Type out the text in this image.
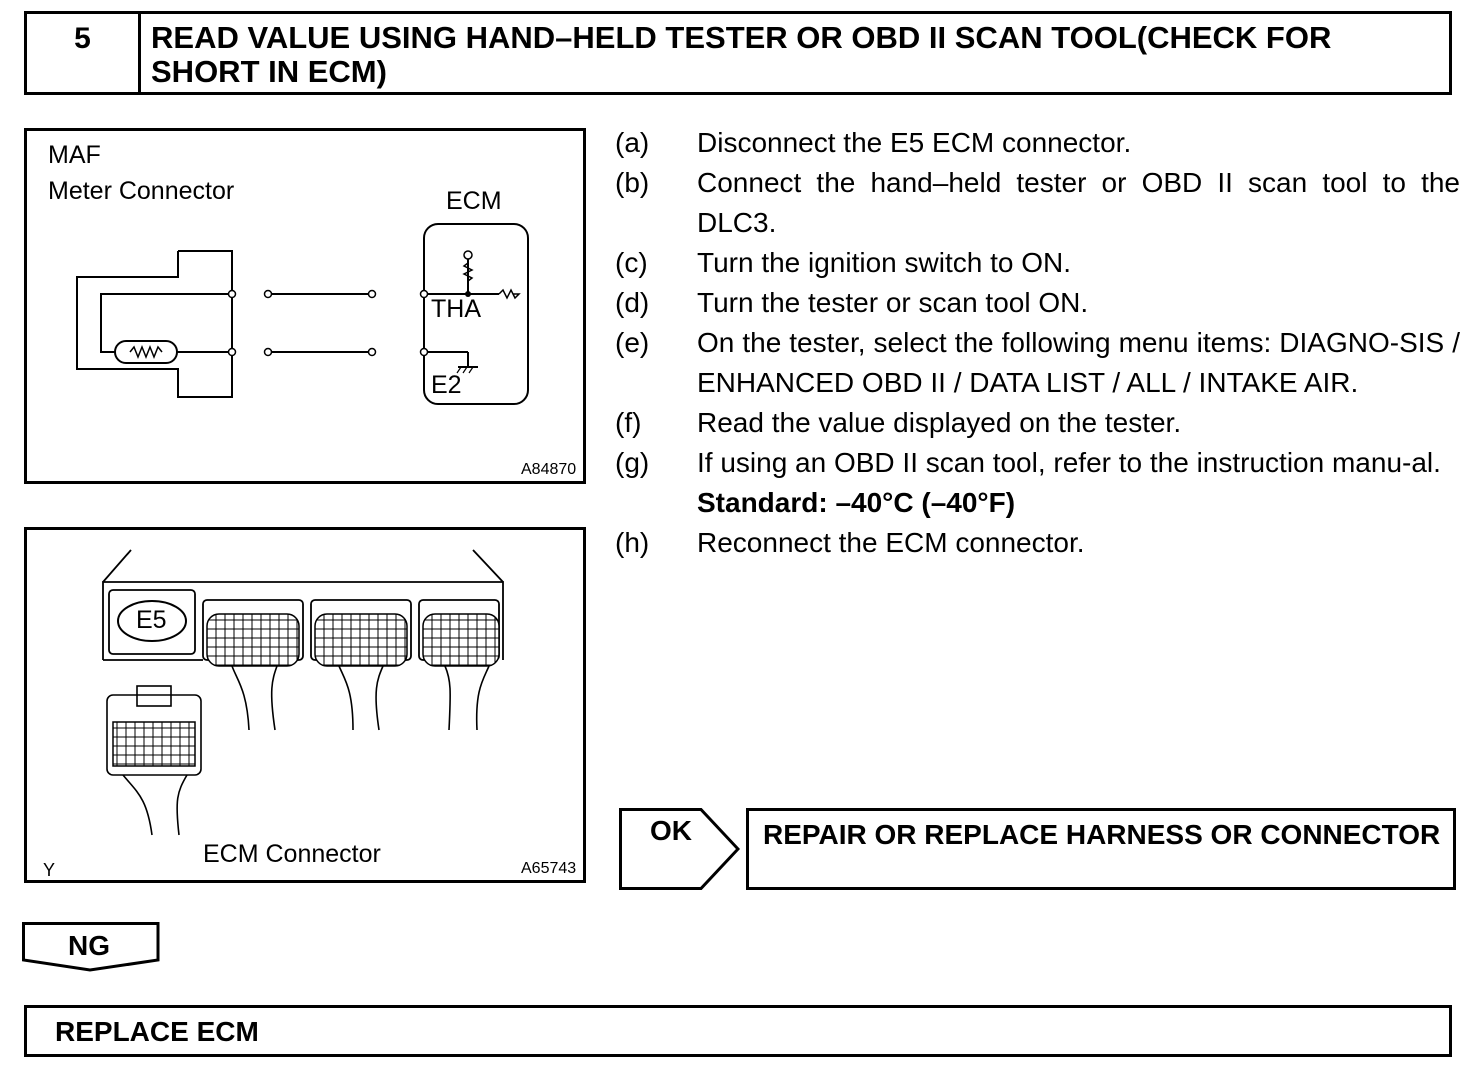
5	READ VALUE USING HAND–HELD TESTER OR OBD II SCAN TOOL(CHECK FOR SHORT IN ECM)
MAF
Meter Connector	ECM
THA
E2
A84870
E5
ECM Connector
Y	A65743
(a) Disconnect the E5 ECM connector.
(b) Connect the hand–held tester or OBD II scan tool to the DLC3.
(c) Turn the ignition switch to ON.
(d) Turn the tester or scan tool ON.
(e) On the tester, select the following menu items: DIAGNO-SIS / ENHANCED OBD II / DATA LIST / ALL / INTAKE AIR.
(f) Read the value displayed on the tester.
(g) If using an OBD II scan tool, refer to the instruction manu-al.
Standard: –40°C (–40°F)
(h) Reconnect the ECM connector.
OK	REPAIR OR REPLACE HARNESS OR CONNECTOR
NG
REPLACE ECM
